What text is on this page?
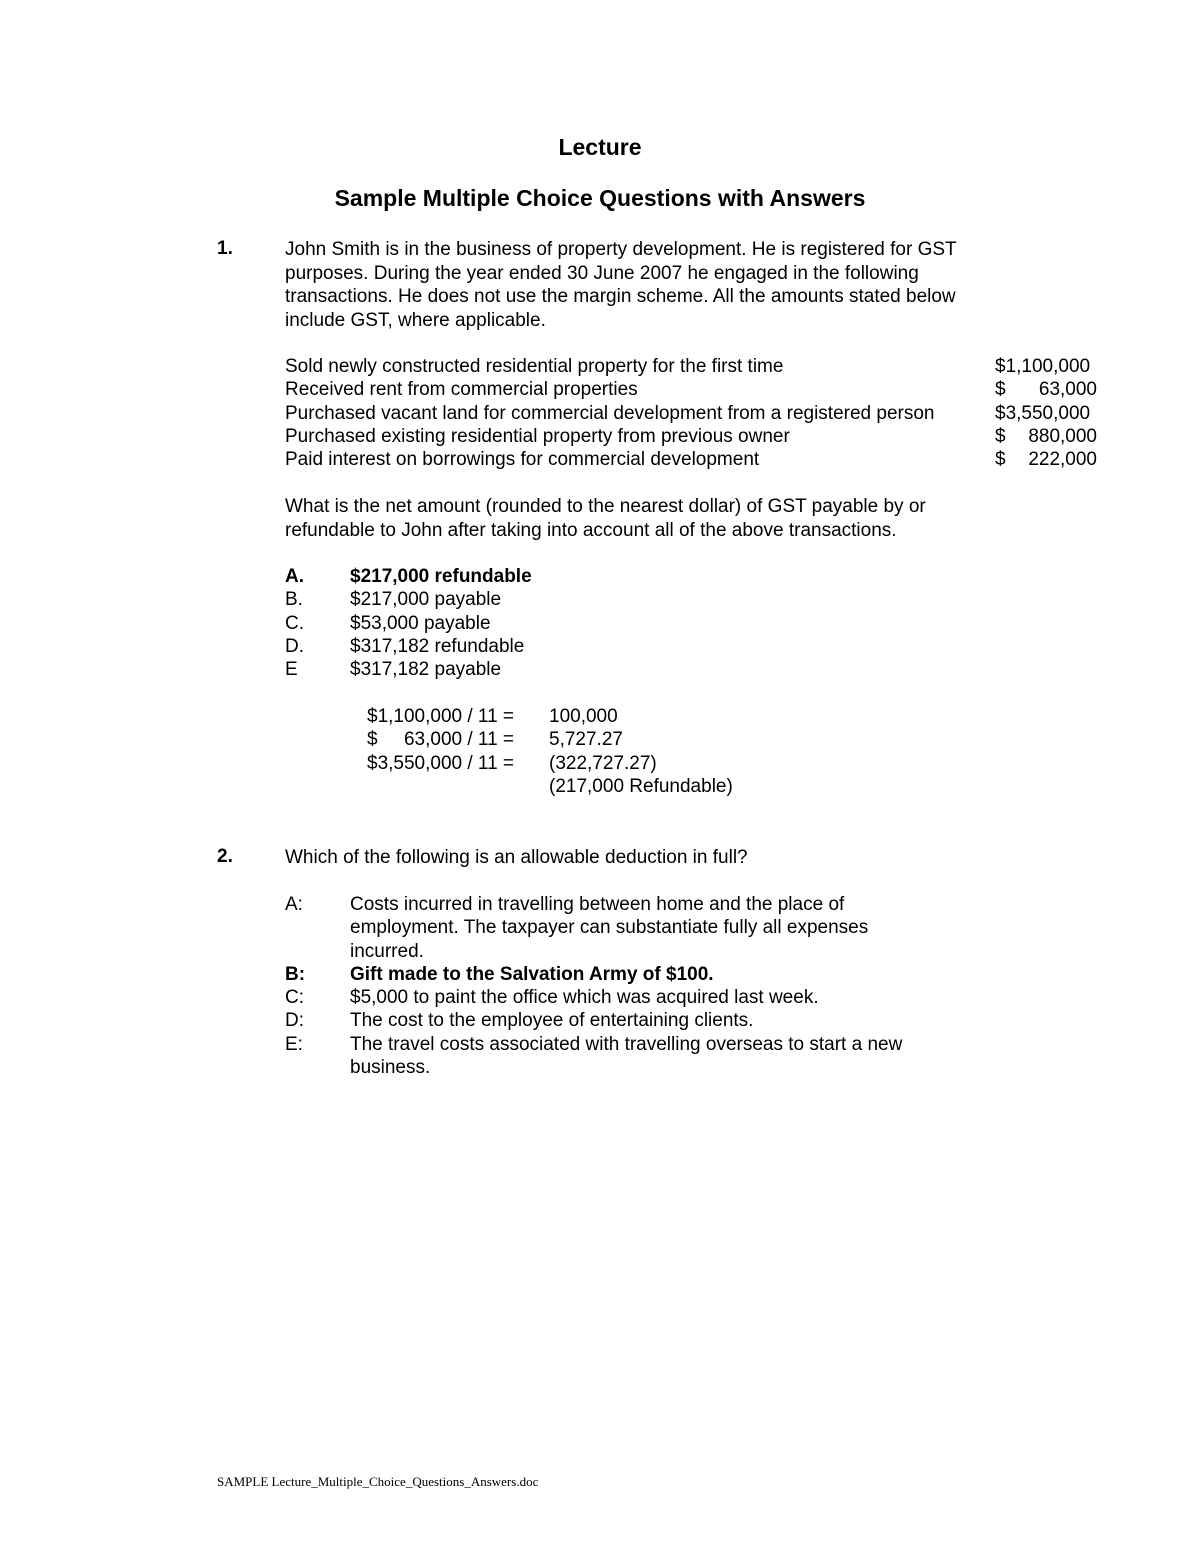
Lecture
Sample Multiple Choice Questions with Answers
1.	John Smith is in the business of property development. He is registered for GST purposes. During the year ended 30 June 2007 he engaged in the following transactions. He does not use the margin scheme. All the amounts stated below include GST, where applicable.
Sold newly constructed residential property for the first time	$1,100,000
Received rent from commercial properties	$	63,000
Purchased vacant land for commercial development from a registered person	$3,550,000
Purchased existing residential property from previous owner	$	880,000
Paid interest on borrowings for commercial development	$	222,000
What is the net amount (rounded to the nearest dollar) of GST payable by or refundable to John after taking into account all of the above transactions.
A.	$217,000 refundable
B.	$217,000 payable
C.	$53,000 payable
D.	$317,182 refundable
E	$317,182 payable
$1,100,000 / 11 =	100,000
$     63,000 / 11 =	5,727.27
$3,550,000 / 11 =	(322,727.27)
(217,000 Refundable)
2.	Which of the following is an allowable deduction in full?
A:	Costs incurred in travelling between home and the place of employment. The taxpayer can substantiate fully all expenses incurred.
B:	Gift made to the Salvation Army of $100.
C:	$5,000 to paint the office which was acquired last week.
D:	The cost to the employee of entertaining clients.
E:	The travel costs associated with travelling overseas to start a new business.
SAMPLE Lecture_Multiple_Choice_Questions_Answers.doc
